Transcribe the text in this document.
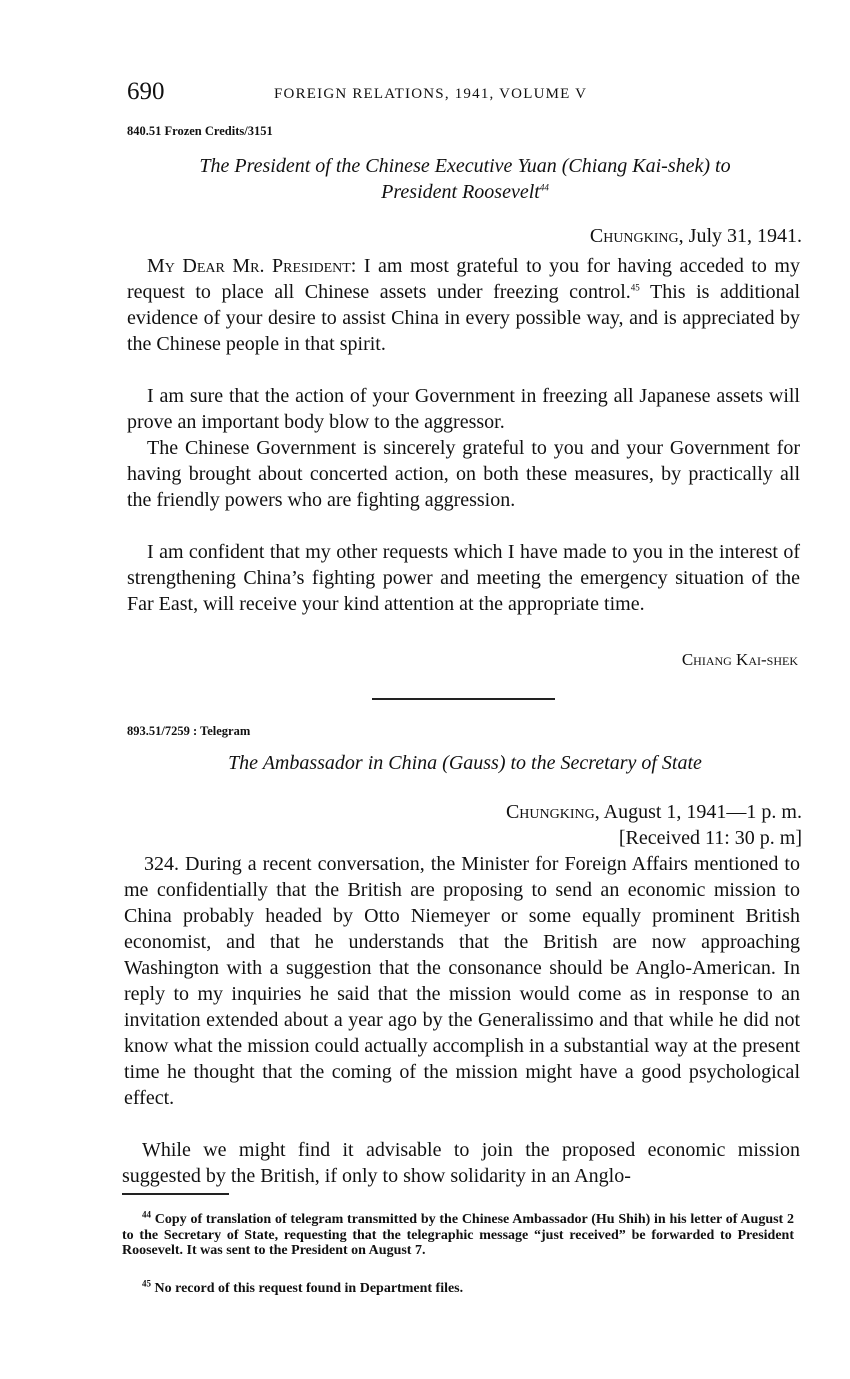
690	FOREIGN RELATIONS, 1941, VOLUME V
840.51 Frozen Credits/3151
The President of the Chinese Executive Yuan (Chiang Kai-shek) to
President Roosevelt$^{44}$
Chungking, July 31, 1941.

My Dear Mr. President: I am most grateful to you for having acceded to my request to place all Chinese assets under freezing control.$^{45}$ This is additional evidence of your desire to assist China in every possible way, and is appreciated by the Chinese people in that spirit.

I am sure that the action of your Government in freezing all Japanese assets will prove an important body blow to the aggressor.

The Chinese Government is sincerely grateful to you and your Government for having brought about concerted action, on both these measures, by practically all the friendly powers who are fighting aggression.

I am confident that my other requests which I have made to you in the interest of strengthening China’s fighting power and meeting the emergency situation of the Far East, will receive your kind attention at the appropriate time.

Chiang Kai-shek
893.51/7259 : Telegram
The Ambassador in China (Gauss) to the Secretary of State
Chungking, August 1, 1941—1 p. m.
[Received 11: 30 p. m]

324. During a recent conversation, the Minister for Foreign Affairs mentioned to me confidentially that the British are proposing to send an economic mission to China probably headed by Otto Niemeyer or some equally prominent British economist, and that he understands that the British are now approaching Washington with a suggestion that the consonance should be Anglo-American. In reply to my inquiries he said that the mission would come as in response to an invitation extended about a year ago by the Generalissimo and that while he did not know what the mission could actually accomplish in a substantial way at the present time he thought that the coming of the mission might have a good psychological effect.

While we might find it advisable to join the proposed economic mission suggested by the British, if only to show solidarity in an Anglo-

$^{44}$ Copy of translation of telegram transmitted by the Chinese Ambassador (Hu Shih) in his letter of August 2 to the Secretary of State, requesting that the telegraphic message “just received” be forwarded to President Roosevelt. It was sent to the President on August 7.

$^{45}$ No record of this request found in Department files.
